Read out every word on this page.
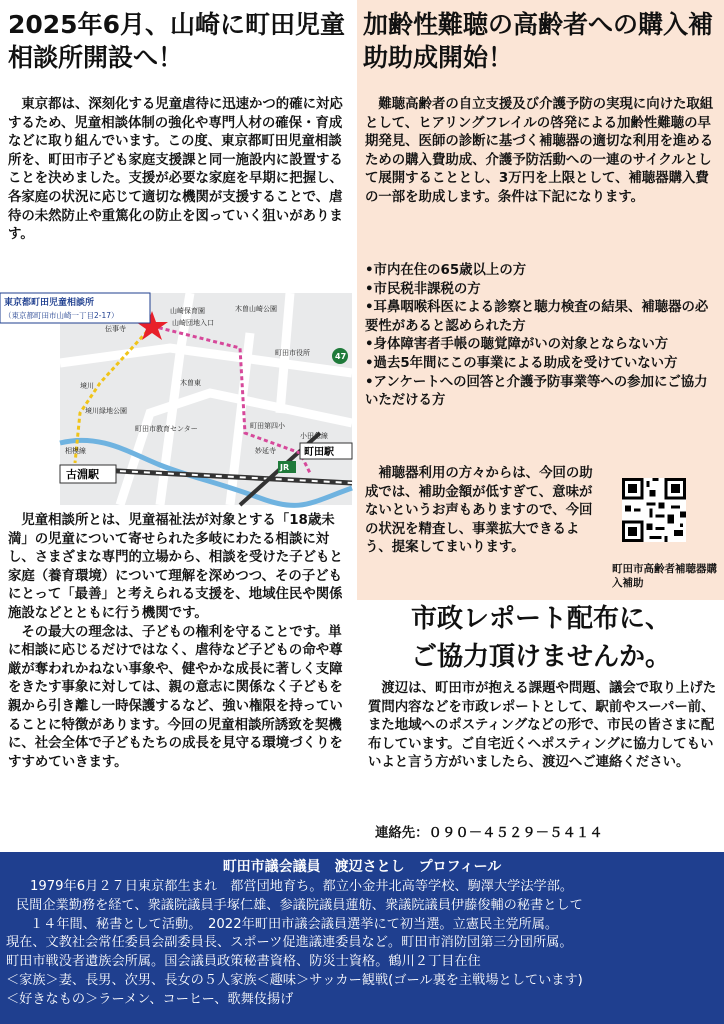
2025年6月、山崎に町田児童相談所開設へ！
加齢性難聴の高齢者への購入補助助成開始！

東京都は、深刻化する児童虐待に迅速かつ的確に対応するため、児童相談体制の強化や専門人材の確保・育成などに取り組んでいます。この度、東京都町田児童相談所を、町田市子ども家庭支援課と同一施設内に設置することを決めました。支援が必要な家庭を早期に把握し、各家庭の状況に応じて適切な機関が支援することで、虐待の未然防止や重篤化の防止を図っていく狙いがあります。

東京都町田児童相談所
（東京都町田市山崎一丁目2-17）	山崎保育園
山崎団地入口
伝事寺
木曽山崎公園
町田市役所
木曽東
境川
境川緑地公園
町田市教育センター	町田第四小
小田急線
妙延寺
相模線
47
町田駅
JR
古淵駅

児童相談所とは、児童福祉法が対象とする「18歳未満」の児童について寄せられた多岐にわたる相談に対し、さまざまな専門的立場から、相談を受けた子どもと家庭（養育環境）について理解を深めつつ、その子どもにとって「最善」と考えられる支援を、地域住民や関係施設などとともに行う機関です。

その最大の理念は、子どもの権利を守ることです。単に相談に応じるだけではなく、虐待など子どもの命や尊厳が奪われかねない事象や、健やかな成長に著しく支障をきたす事象に対しては、親の意志に関係なく子どもを親から引き離し一時保護するなど、強い権限を持っていることに特徴があります。今回の児童相談所誘致を契機に、社会全体で子どもたちの成長を見守る環境づくりをすすめていきます。

難聴高齢者の自立支援及び介護予防の実現に向けた取組として、ヒアリングフレイルの啓発による加齢性難聴の早期発見、医師の診断に基づく補聴器の適切な利用を進めるための購入費助成、介護予防活動への一連のサイクルとして展開することとし、3万円を上限として、補聴器購入費の一部を助成します。条件は下記になります。

•市内在住の65歳以上の方
•市民税非課税の方
•耳鼻咽喉科医による診察と聴力検査の結果、補聴器の必要性があると認められた方
•身体障害者手帳の聴覚障がいの対象とならない方
•過去5年間にこの事業による助成を受けていない方
•アンケートへの回答と介護予防事業等への参加にご協力いただける方

補聴器利用の方々からは、今回の助成では、補助金額が低すぎて、意味がないというお声もありますので、今回の状況を精査し、事業拡大できるよう、提案してまいります。

町田市高齢者補聴器購入補助

市政レポート配布に、
ご協力頂けませんか。

渡辺は、町田市が抱える課題や問題、議会で取り上げた質問内容などを市政レポートとして、駅前やスーパー前、また地域へのポスティングなどの形で、市民の皆さまに配布しています。ご自宅近くへポスティングに協力してもいいよと言う方がいましたら、渡辺へご連絡ください。

連絡先：０９０－４５２９－５４１４

町田市議会議員　渡辺さとし　プロフィール

1979年6月２７日東京都生まれ　都営団地育ち。都立小金井北高等学校、駒澤大学法学部。

民間企業勤務を経て、衆議院議員手塚仁雄、参議院議員蓮舫、衆議院議員伊藤俊輔の秘書として

１４年間、秘書として活動。　2022年町田市議会議員選挙にて初当選。立憲民主党所属。

現在、文教社会常任委員会副委員長、スポーツ促進議連委員など。町田市消防団第三分団所属。

町田市戦没者遺族会所属。国会議員政策秘書資格、防災士資格。鶴川２丁目在住

＜家族＞妻、長男、次男、長女の５人家族＜趣味＞サッカー観戦(ゴール裏を主戦場としています)

＜好きなもの＞ラーメン、コーヒー、歌舞伎揚げ
